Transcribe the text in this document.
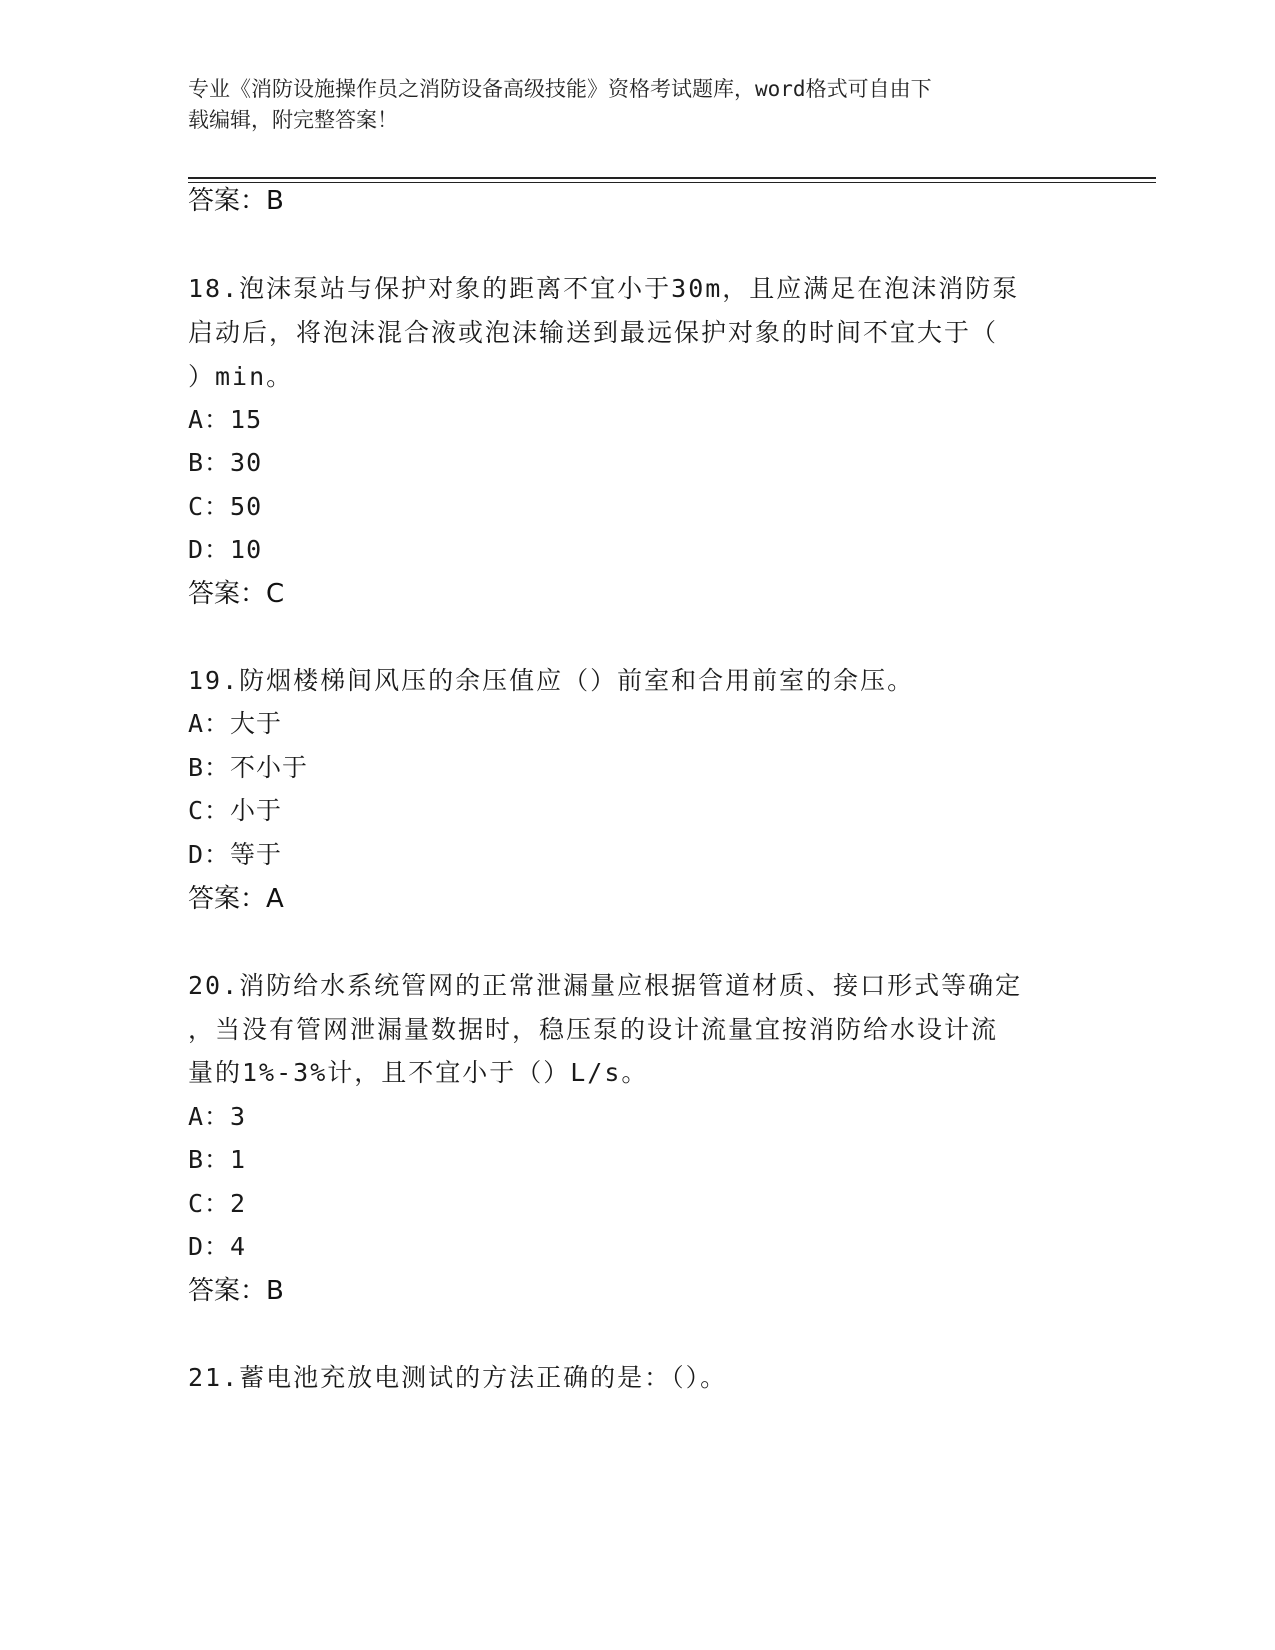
专业《消防设施操作员之消防设备高级技能》资格考试题库，word格式可自由下
载编辑，附完整答案！
答案：B
18.泡沫泵站与保护对象的距离不宜小于30m，且应满足在泡沫消防泵
启动后，将泡沫混合液或泡沫输送到最远保护对象的时间不宜大于（
）min。
A：15
B：30
C：50
D：10
答案：C
19.防烟楼梯间风压的余压值应（）前室和合用前室的余压。
A：大于
B：不小于
C：小于
D：等于
答案：A
20.消防给水系统管网的正常泄漏量应根据管道材质、接口形式等确定
，当没有管网泄漏量数据时，稳压泵的设计流量宜按消防给水设计流
量的1%-3%计，且不宜小于（）L/s。
A：3
B：1
C：2
D：4
答案：B
21.蓄电池充放电测试的方法正确的是：（）。
